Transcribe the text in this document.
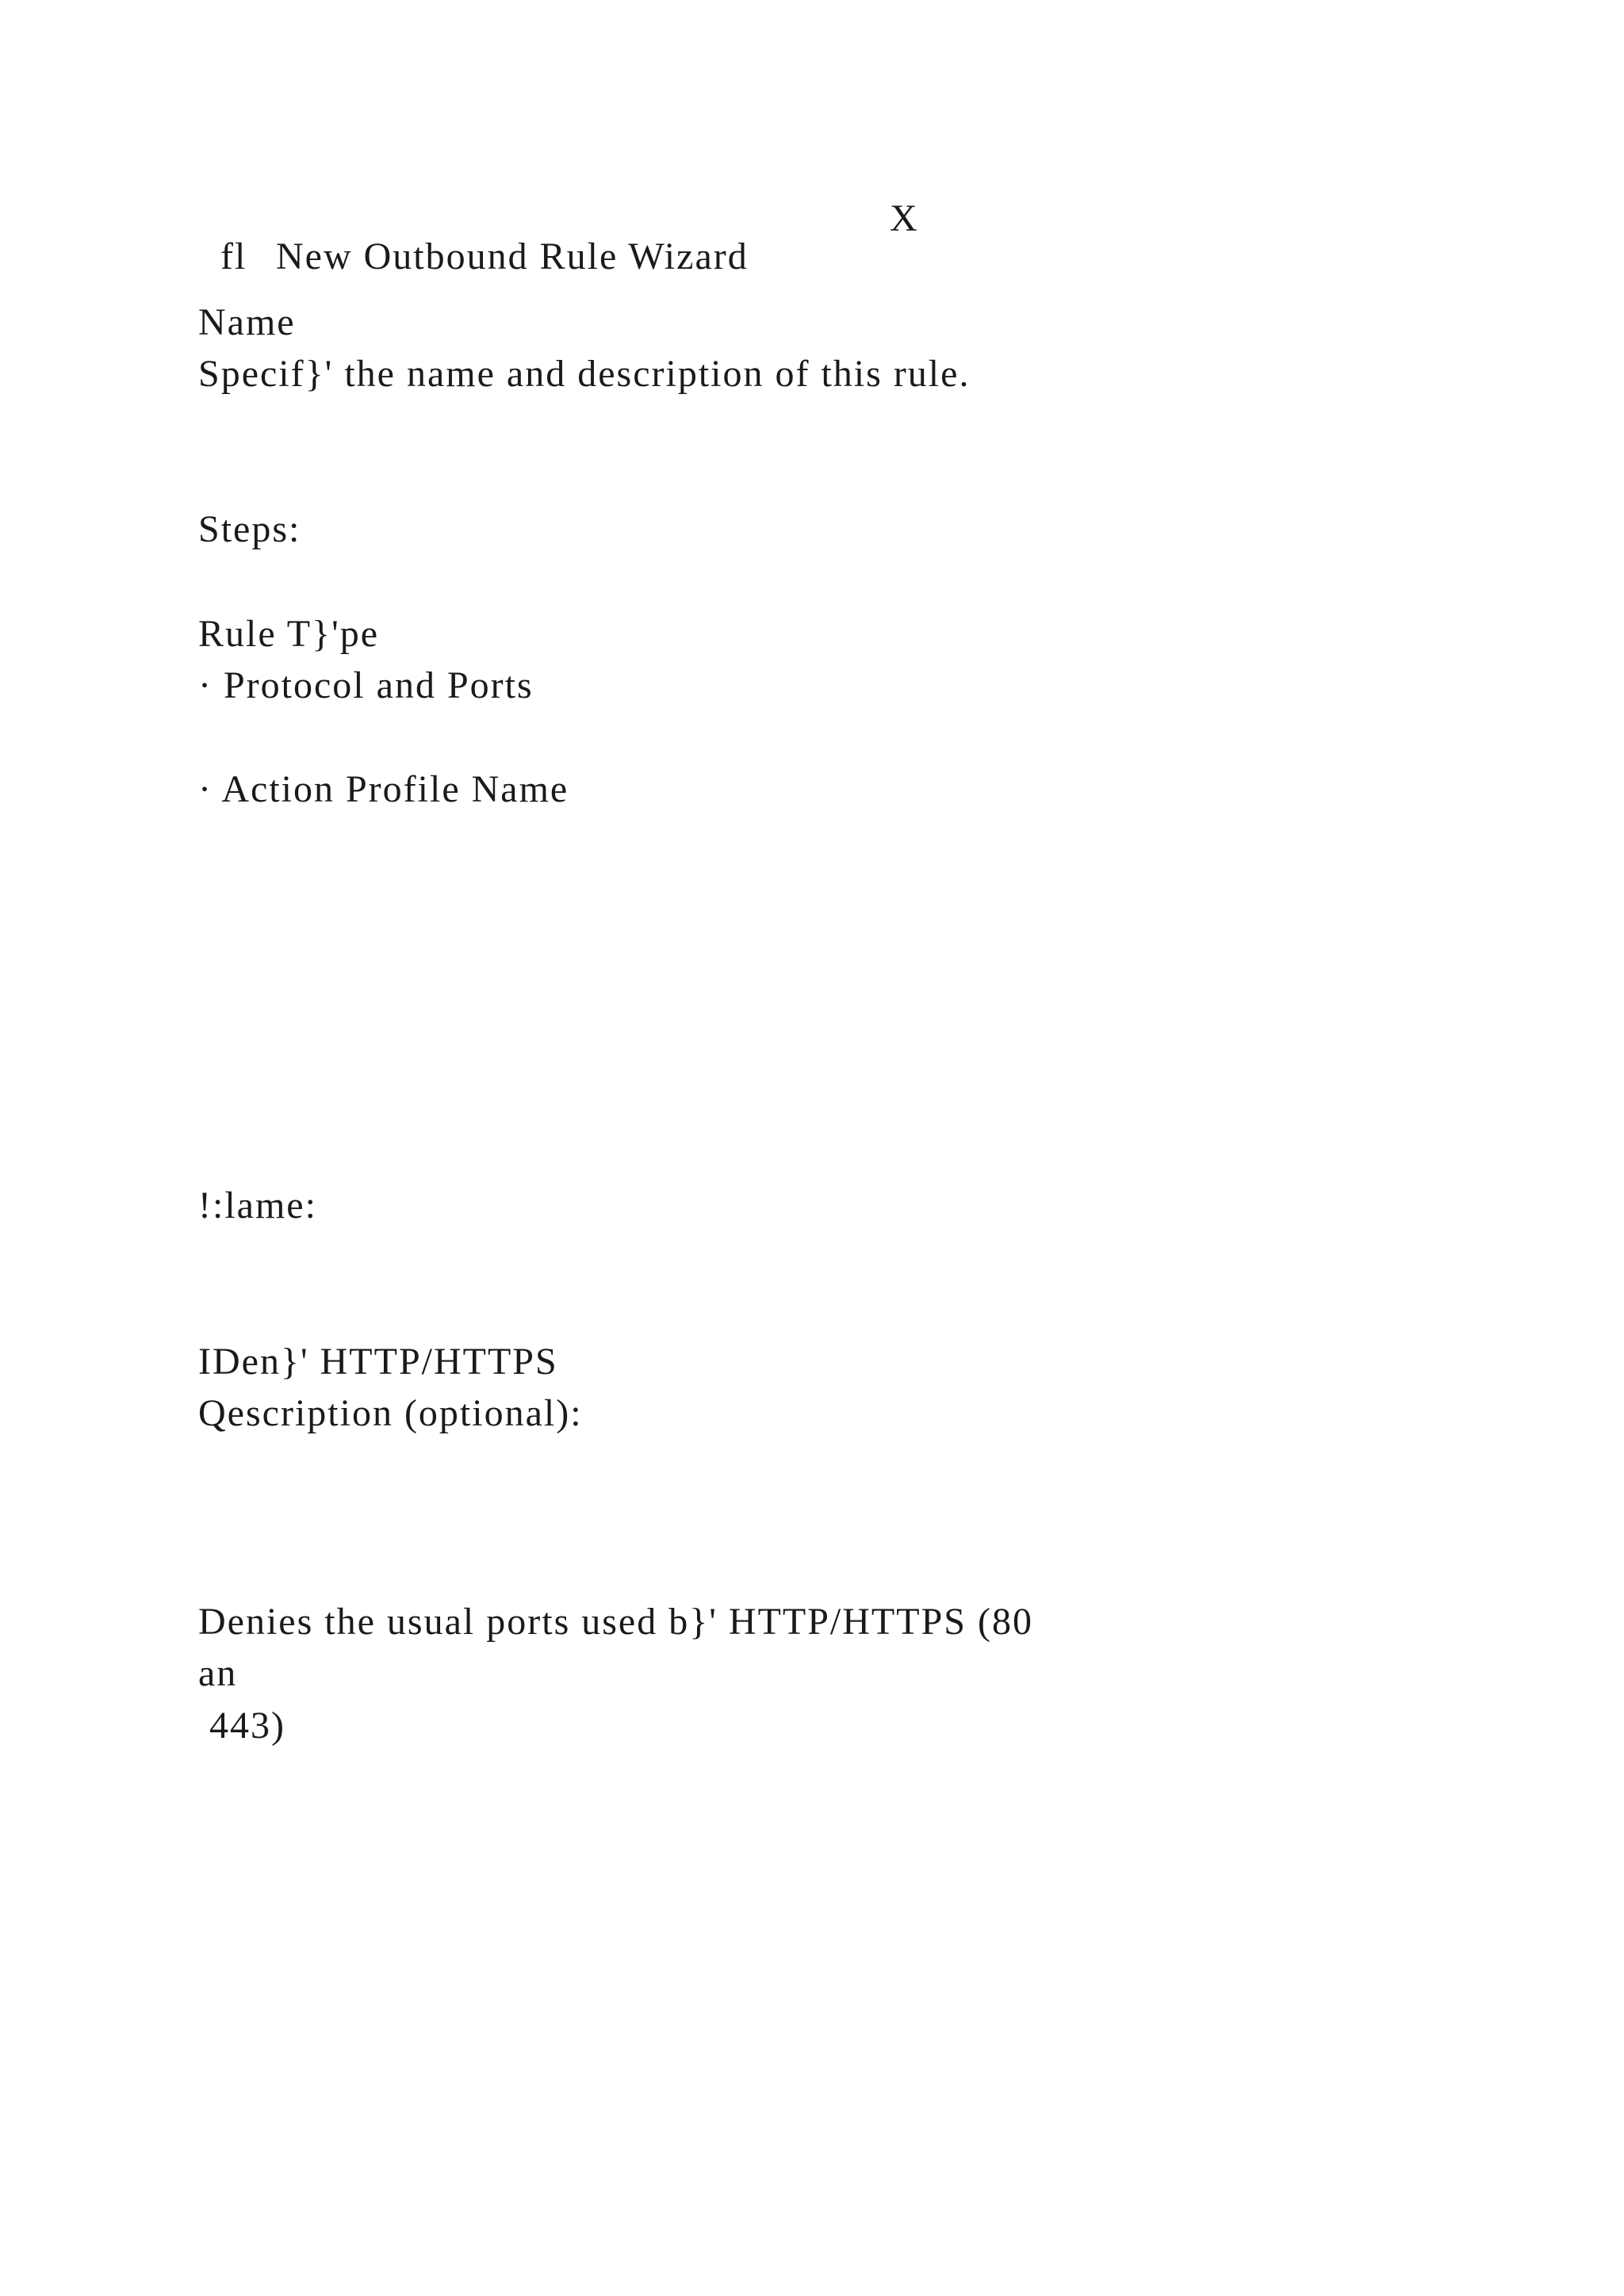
fl New Outbound Rule Wizard

X

Name
Specif}' the name and description of this rule.
Steps:
Rule T}'pe
· Protocol and Ports
· Action Profile Name
!:lame:
IDen}' HTTP/HTTPS
Qescription (optional):
Denies the usual ports used b}' HTTP/HTTPS (80
an
443)
